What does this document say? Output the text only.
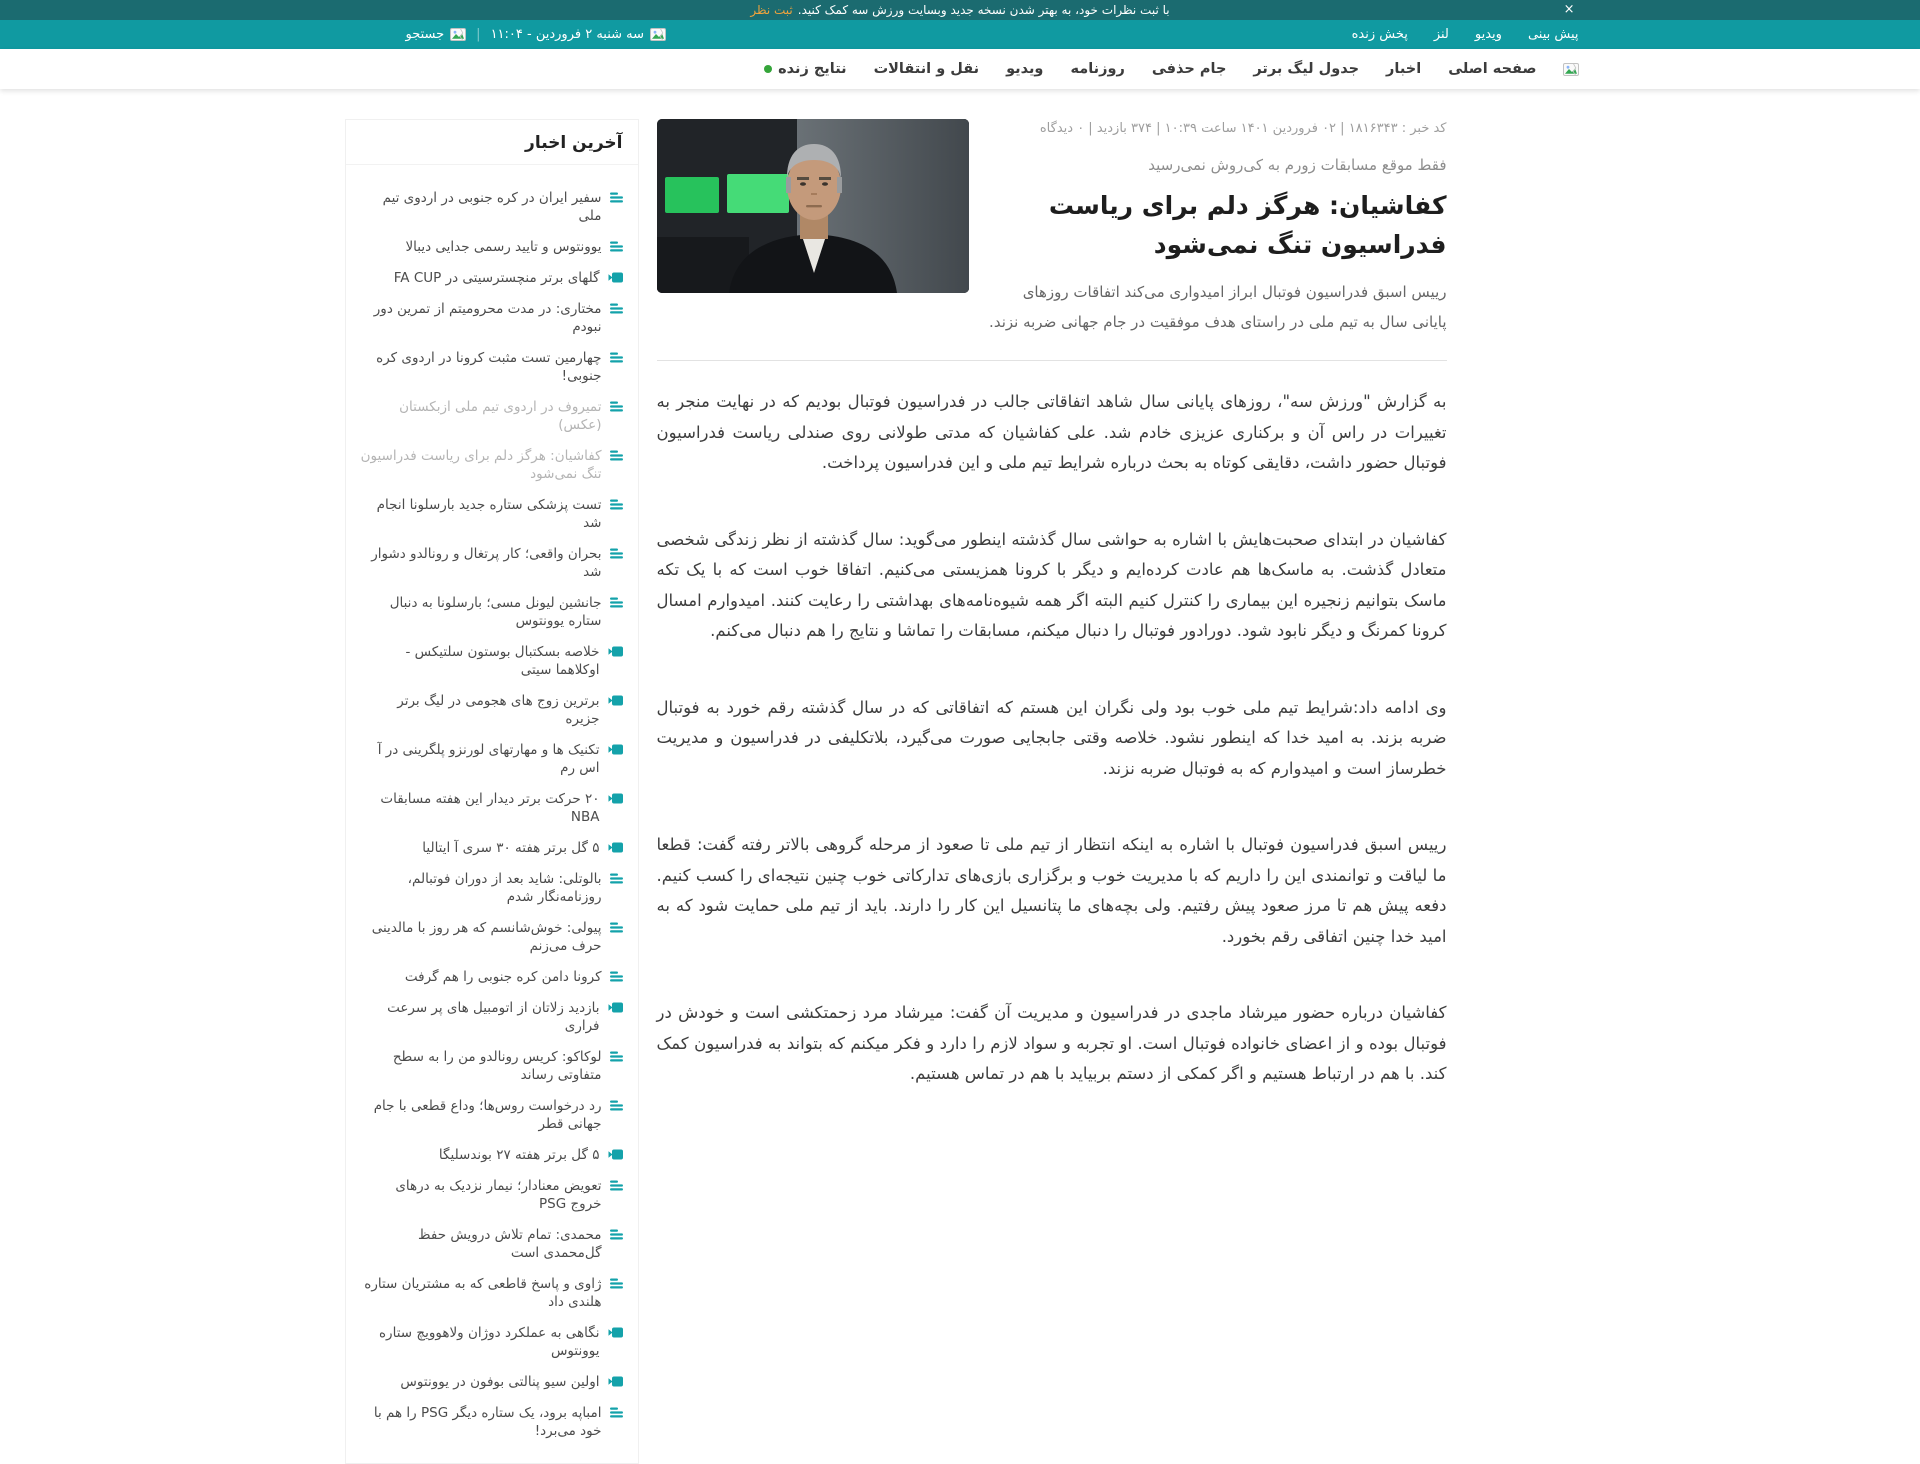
با ثبت نظرات خود، به بهتر شدن نسخه جدید وبسایت ورزش سه کمک کنید.ثبت نظر	×
پیش بینی
ویدیو
لنز
پخش زنده
سه شنبه ۲ فروردین - ۱۱:۰۴
|
جستجو
صفحه اصلی
اخبار
جدول لیگ برتر
جام حذفی
روزنامه
ویدیو
نقل و انتقالات
نتایج زنده
کد خبر : ۱۸۱۶۳۴۳ | ۰۲ فروردین ۱۴۰۱ ساعت ۱۰:۳۹ | ۳۷۴ بازدید | ۰ دیدگاه
فقط موقع مسابقات زورم به کی‌روش نمی‌رسید
کفاشیان: هرگز دلم برای ریاست فدراسیون تنگ نمی‌شود
رییس اسبق فدراسیون فوتبال ابراز امیدواری می‌کند اتفاقات روزهای پایانی سال به تیم ملی در راستای هدف موفقیت در جام جهانی ضربه نزند.

به گزارش "ورزش سه"، روزهای پایانی سال شاهد اتفاقاتی جالب در فدراسیون فوتبال بودیم که در نهایت منجر به تغییرات در راس آن و برکناری عزیزی خادم شد. علی کفاشیان که مدتی طولانی روی صندلی ریاست فدراسیون فوتبال حضور داشت، دقایقی کوتاه به بحث درباره شرایط تیم ملی و این فدراسیون پرداخت.

کفاشیان در ابتدای صحبت‌هایش با اشاره به حواشی سال گذشته اینطور می‌گوید: سال گذشته از نظر زندگی شخصی متعادل گذشت. به ماسک‌ها هم عادت کرده‌ایم و دیگر با کرونا همزیستی می‌کنیم. اتفاقا خوب است که با یک تکه ماسک بتوانیم زنجیره این بیماری را کنترل کنیم البته اگر همه شیوه‌نامه‌های بهداشتی را رعایت کنند. امیدوارم امسال کرونا کمرنگ و دیگر نابود شود. دورادور فوتبال را دنبال میکنم، مسابقات را تماشا و نتایج را هم دنبال می‌کنم.

وی ادامه داد:شرایط تیم ملی خوب بود ولی نگران این هستم که اتفاقاتی که در سال گذشته رقم خورد به فوتبال ضربه بزند. به امید خدا که اینطور نشود. خلاصه وقتی جابجایی صورت می‌گیرد، بلاتکلیفی در فدراسیون و مدیریت خطرساز است و امیدوارم که به فوتبال ضربه نزند.

رییس اسبق فدراسیون فوتبال با اشاره به اینکه انتظار از تیم ملی تا صعود از مرحله گروهی بالاتر رفته گفت: قطعا ما لیاقت و توانمندی این را داریم که با مدیریت خوب و برگزاری بازی‌های تدارکاتی خوب چنین نتیجه‌ای را کسب کنیم. دفعه پیش هم تا مرز صعود پیش رفتیم. ولی بچه‌های ما پتانسیل این کار را دارند. باید از تیم ملی حمایت شود که به امید خدا چنین اتفاقی رقم بخورد.

کفاشیان درباره حضور میرشاد ماجدی در فدراسیون و مدیریت آن گفت: میرشاد مرد زحمتکشی است و خودش در فوتبال بوده و از اعضای خانواده فوتبال است. او تجربه و سواد لازم را دارد و فکر میکنم که بتواند به فدراسیون کمک کند. با هم در ارتباط هستیم و اگر کمکی از دستم بربیاید با هم در تماس هستیم.

آخرین اخبار
سفیر ایران در کره جنوبی در اردوی تیم ملی
یوونتوس و تایید رسمی جدایی دیبالا
گلهای برتر منچسترسیتی در FA CUP
مختاری: در مدت محرومیتم از تمرین دور نبودم
چهارمین تست مثبت کرونا در اردوی کره جنوبی!
تمیروف در اردوی تیم ملی ازبکستان (عکس)
کفاشیان: هرگز دلم برای ریاست فدراسیون تنگ نمی‌شود
تست پزشکی ستاره جدید بارسلونا انجام شد
بحران واقعی؛ کار پرتغال و رونالدو دشوار شد
جانشین لیونل مسی؛ بارسلونا به دنبال ستاره یوونتوس
خلاصه بسکتبال بوستون سلتیکس - اوکلاهما سیتی
برترین زوج های هجومی در لیگ برتر جزیره
تکنیک ها و مهارتهای لورنزو پلگرینی در آ اس رم
۲۰ حرکت برتر دیدار این هفته مسابقات NBA
۵ گل برتر هفته ۳۰ سری آ ایتالیا
بالوتلی: شاید بعد از دوران فوتبالم، روزنامه‌نگار شدم
پیولی: خوش‌شانسم که هر روز با مالدینی حرف می‌زنم
کرونا دامن کره جنوبی را هم گرفت
بازدید زلاتان از اتومبیل های پر سرعت فراری
لوکاکو: کریس رونالدو من را به سطح متفاوتی رساند
رد درخواست روس‌ها؛ وداع قطعی با جام جهانی قطر
۵ گل برتر هفته ۲۷ بوندسلیگا
تعویض معنادار؛ نیمار نزدیک به درهای خروج PSG
محمدی: تمام تلاش درویش حفظ گل‌محمدی است
ژاوی و پاسخ قاطعی که به مشتریان ستاره هلندی داد
نگاهی به عملکرد دوژان ولاهوویچ ستاره یوونتوس
اولین سیو پنالتی بوفون در یوونتوس
امباپه برود، یک ستاره دیگر PSG را هم با خود می‌برد!
